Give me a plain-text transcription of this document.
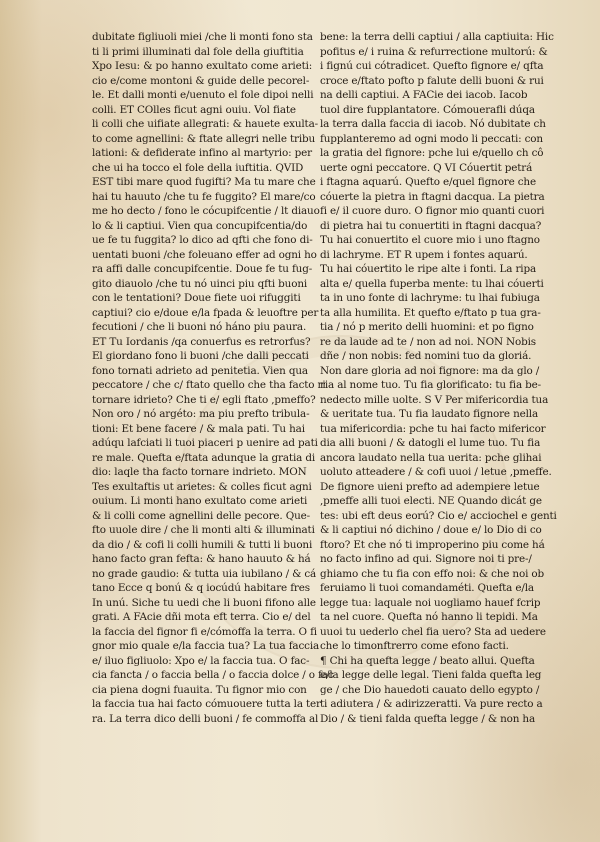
dubitate figliuoli miei /che li monti fono sta
ti li primi illuminati dal fole della giuftitia
Xpo Iesu: & po hanno exultato come arieti:
cio e/come montoni & guide delle pecorel-
le. Et dalli monti e/uenuto el fole dipoi nelli
colli. ET COlles ficut agni ouiu. Vol fiate
li colli che uifiate allegrati: & hauete exulta-
to come agnellini: & ftate allegri nelle tribu
lationi: & defiderate infino al martyrio: per
che ui ha tocco el fole della iuftitia. QVID
EST tibi mare quod fugifti? Ma tu mare che
hai tu hauuto /che tu fe fuggito? El mare/co
me ho decto / fono le cócupifcentie / lt diauo
lo & li captiui. Vien qua concupifcentia/do
ue fe tu fuggita? lo dico ad qfti che fono di-
uentati buoni /che foleuano effer ad ogni ho
ra affi dalle concupifcentie. Doue fe tu fug-
gito diauolo /che tu nó uinci piu qfti buoni
con le tentationi? Doue fiete uoi rifuggiti
captiui? cio e/doue e/la fpada & leuoftre per
fecutioni / che li buoni nó háno piu paura.
ET Tu Iordanis /qa conuerfus es retrorfus?
El giordano fono li buoni /che dalli peccati
fono tornati adrieto ad penitetia. Vien qua
peccatore / che c/ ftato quello che tha facto ri
tornare idrieto? Che ti e/ egli ftato ,pmeffo?
Non oro / nó argéto: ma piu prefto tribula-
tioni: Et bene facere / & mala pati. Tu hai
adúqu lafciati li tuoi piaceri p uenire ad pati
re male. Quefta e/ftata adunque la gratia di
dio: laqle tha facto tornare indrieto. MON
Tes exultaftis ut arietes: & colles ficut agni
ouium. Li monti hano exultato come arieti
& li colli come agnellini delle pecore. Que-
fto uuole dire / che li monti alti & illuminati
da dio / & cofi li colli humili & tutti li buoni
hano facto gran fefta: & hano hauuto & há
no grade gaudio: & tutta uia iubilano / & cá
tano Ecce q bonú & q iocúdú habitare fres
In unú. Siche tu uedi che li buoni fifono alle
grati. A FAcie dñi mota eft terra. Cio e/ del
la faccia del fignor fi e/cómoffa la terra. O fi
gnor mio quale e/la faccia tua? La tua faccia
e/ iluo figliuolo: Xpo e/ la faccia tua. O fac-
cia fancta / o faccia bella / o faccia dolce / o fac
cia piena dogni fuauita. Tu fignor mio con
la faccia tua hai facto cómuouere tutta la ter
ra. La terra dico delli buoni / fe commoffa al
bene: la terra delli captiui / alla captiuita: Hic
pofitus e/ i ruina & refurrectione multorú: &
i fignú cui cótradicet. Quefto fignore e/ qfta
croce e/ftato pofto p falute delli buoni & rui
na delli captiui. A FACie dei iacob. Iacob
tuol dire fupplantatore. Cómouerafli dúqa
la terra dalla faccia di iacob. Nó dubitate ch
fupplanteremo ad ogni modo li peccati: con
la gratia del fignore: pche lui e/quello ch cô
uerte ogni peccatore. Q VI Cóuertit petrá
i ftagna aquarú. Quefto e/quel fignore che
cóuerte la pietra in ftagni dacqua. La pietra
fi e/ il cuore duro. O fignor mio quanti cuori
di pietra hai tu conuertiti in ftagni dacqua?
Tu hai conuertito el cuore mio i uno ftagno
di lachryme. ET R upem i fontes aquarú.
Tu hai cóuertito le ripe alte i fonti. La ripa
alta e/ quella fuperba mente: tu lhai cóuerti
ta in uno fonte di lachryme: tu lhai fubiuga
ta alla humilita. Et quefto e/ftato p tua gra-
tia / nó p merito delli huomini: et po figno
re da laude ad te / non ad noi. NON Nobis
dñe / non nobis: fed nomini tuo da gloriá.
Non dare gloria ad noi fignore: ma da glo /
ria al nome tuo. Tu fia glorificato: tu fia be-
nedecto mille uolte. S V Per mifericordia tua
& ueritate tua. Tu fia laudato fignore nella
tua mifericordia: pche tu hai facto mifericor
dia alli buoni / & datogli el lume tuo. Tu fia
ancora laudato nella tua uerita: pche glihai
uoluto atteadere / & cofi uuoi / letue ,pmeffe.
De fignore uieni prefto ad adempiere letue
,pmeffe alli tuoi electi. NE Quando dicát ge
tes: ubi eft deus eorú? Cio e/ acciochel e genti
& li captiui nó dichino / doue e/ lo Dio di co
ftoro? Et che nó ti improperino piu come há
no facto infino ad qui. Signore noi ti pre-/
ghiamo che tu fia con effo noi: & che noi ob
feruiamo li tuoi comandaméti. Quefta e/la
legge tua: laquale noi uogliamo hauef fcrip
ta nel cuore. Quefta nó hanno li tepidi. Ma
uuoi tu uederlo chel fia uero? Sta ad uedere
che lo timonftrerro come efono facti.
¶ Chi ha quefta legge / beato allui. Quefta
e/la legge delle legal. Tieni falda quefta leg
ge / che Dio hauedoti cauato dello egypto /
ti adiutera / & adirizzeratti. Va pure recto a
Dio / & tieni falda quefta legge / & non ha
